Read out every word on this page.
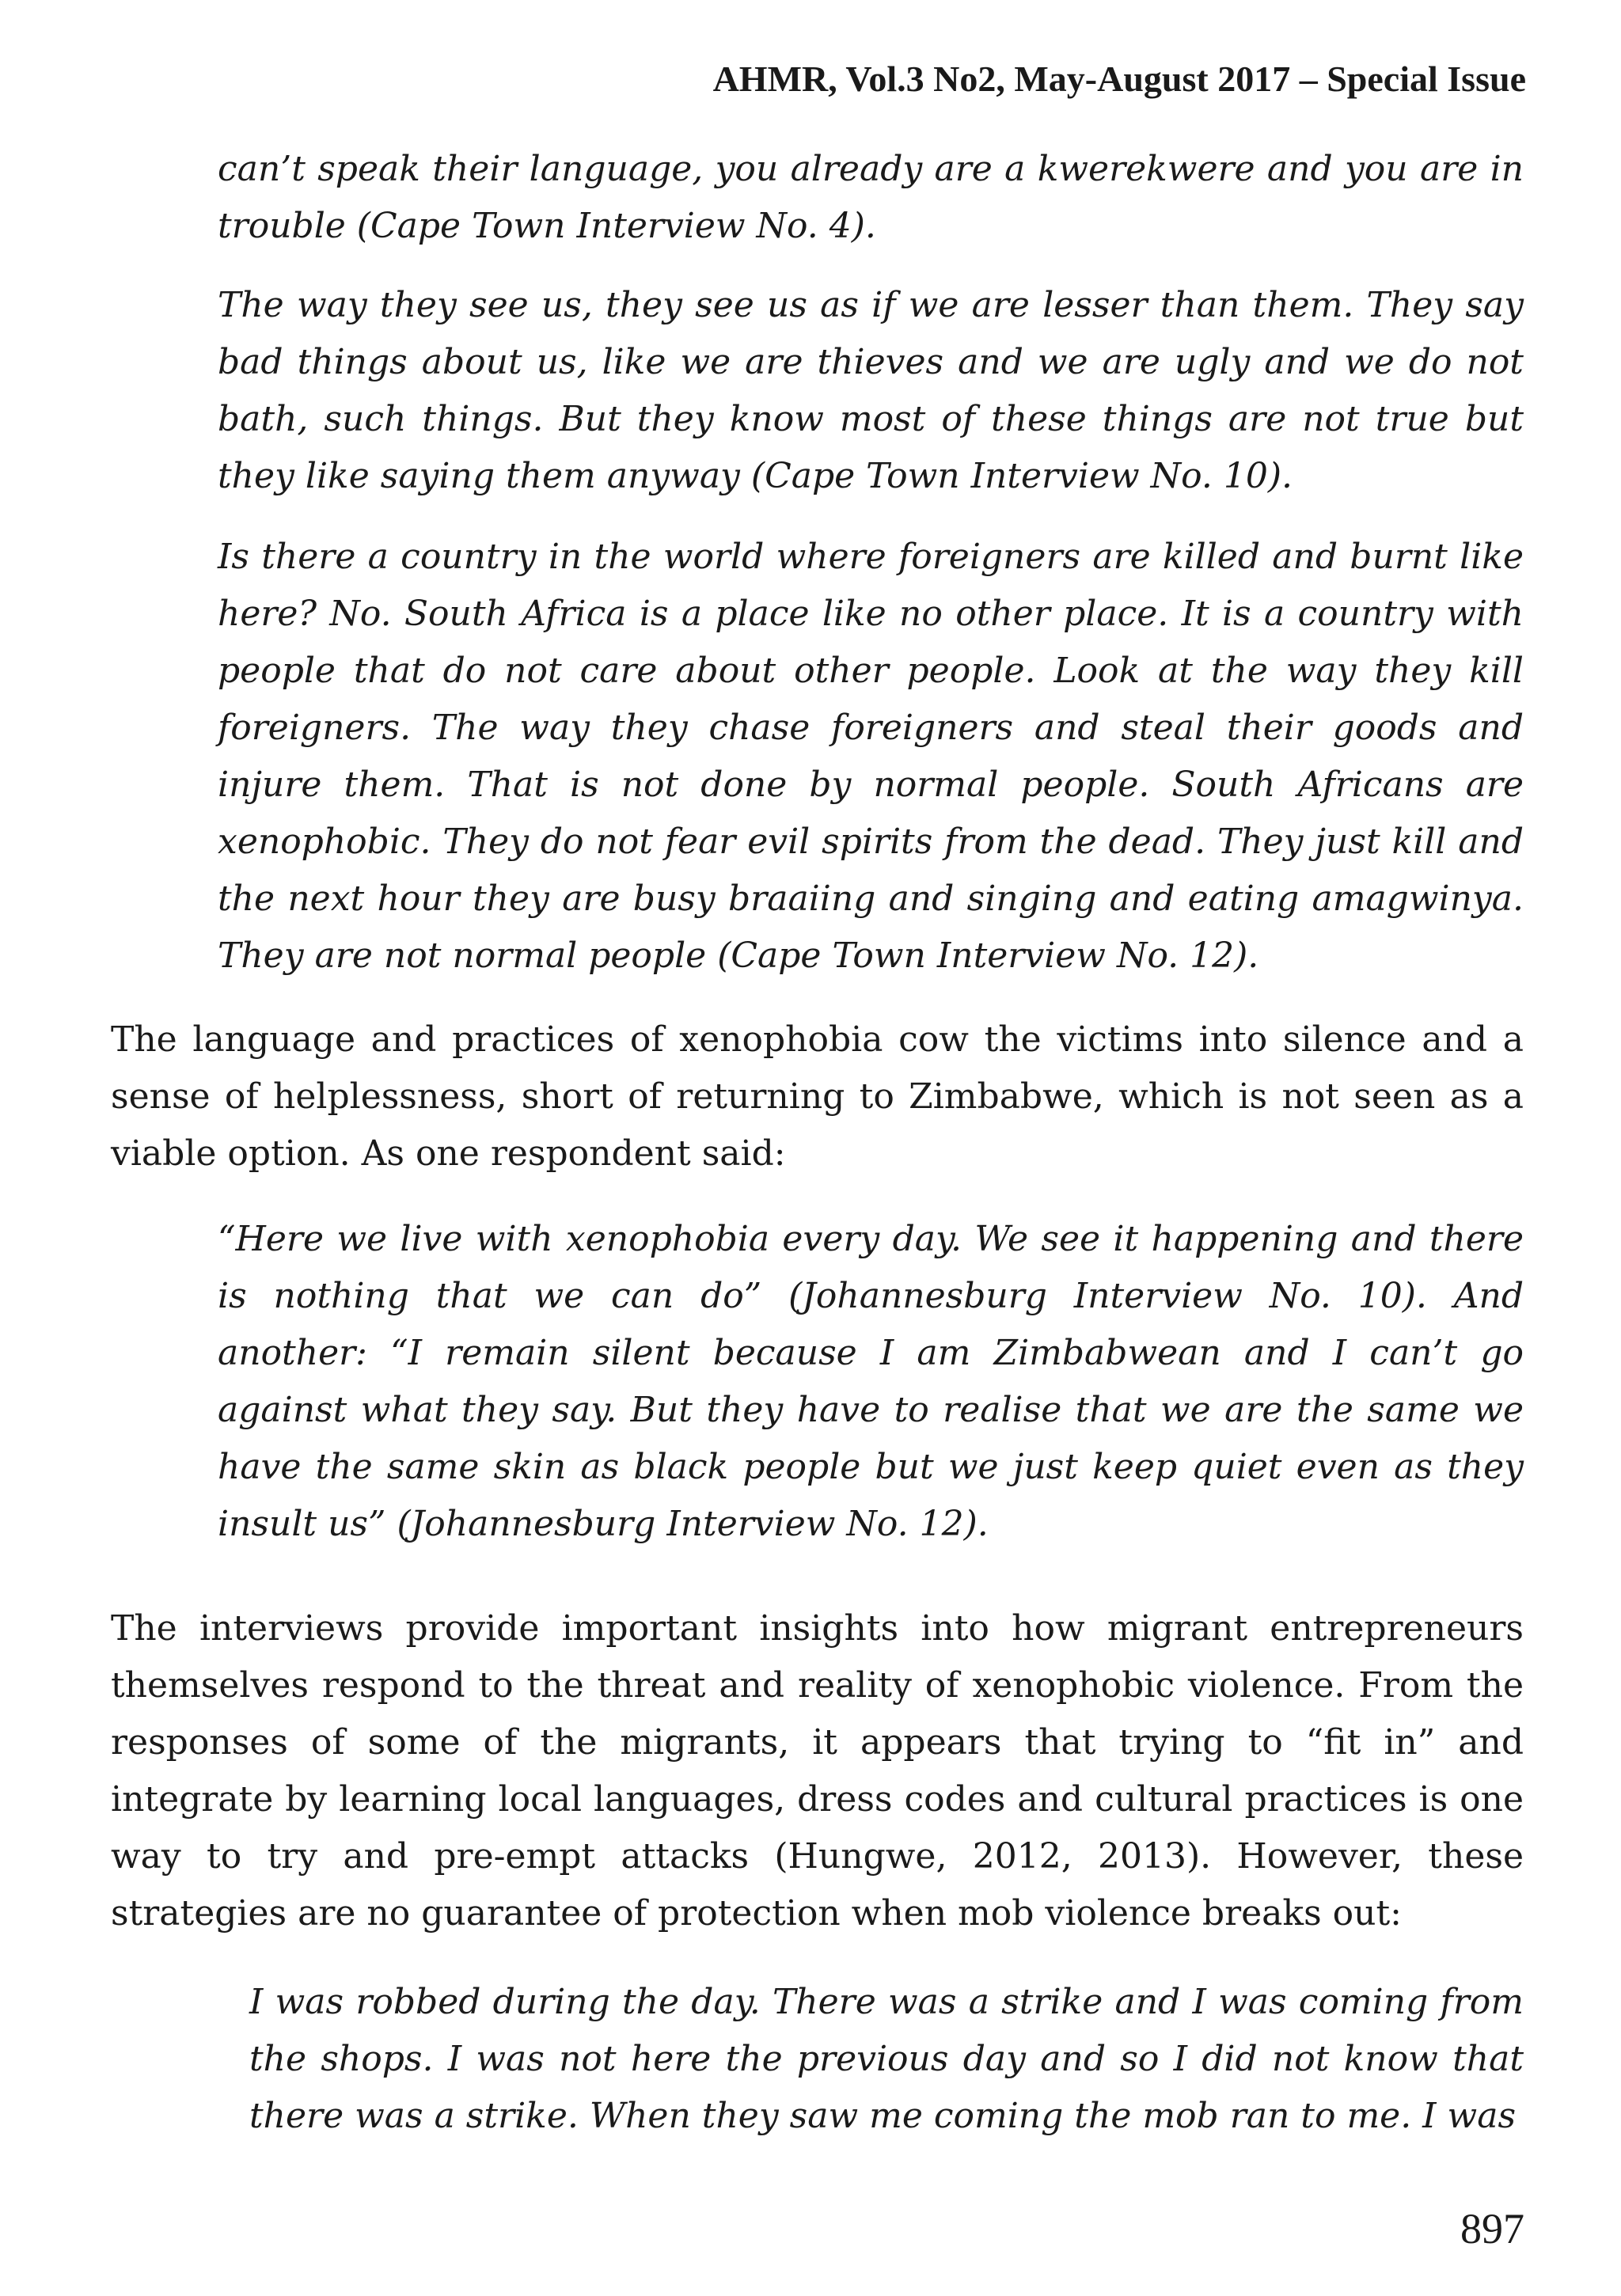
AHMR, Vol.3 No2, May-August 2017 – Special Issue

can’t speak their language, you already are a kwerekwere and you are in trouble (Cape Town Interview No. 4).

The way they see us, they see us as if we are lesser than them. They say bad things about us, like we are thieves and we are ugly and we do not bath, such things. But they know most of these things are not true but they like saying them anyway (Cape Town Interview No. 10).

Is there a country in the world where foreigners are killed and burnt like here? No. South Africa is a place like no other place. It is a country with people that do not care about other people. Look at the way they kill foreigners. The way they chase foreigners and steal their goods and injure them. That is not done by normal people. South Africans are xenophobic. They do not fear evil spirits from the dead. They just kill and the next hour they are busy braaiing and singing and eating amagwinya. They are not normal people (Cape Town Interview No. 12).

The language and practices of xenophobia cow the victims into silence and a sense of helplessness, short of returning to Zimbabwe, which is not seen as a viable option. As one respondent said:

“Here we live with xenophobia every day. We see it happening and there is nothing that we can do” (Johannesburg Interview No. 10). And another: “I remain silent because I am Zimbabwean and I can’t go against what they say. But they have to realise that we are the same we have the same skin as black people but we just keep quiet even as they insult us” (Johannesburg Interview No. 12).

The interviews provide important insights into how migrant entrepreneurs themselves respond to the threat and reality of xenophobic violence. From the responses of some of the migrants, it appears that trying to “fit in” and integrate by learning local languages, dress codes and cultural practices is one way to try and pre-empt attacks (Hungwe, 2012, 2013). However, these strategies are no guarantee of protection when mob violence breaks out:

I was robbed during the day. There was a strike and I was coming from the shops. I was not here the previous day and so I did not know that there was a strike. When they saw me coming the mob ran to me. I was

897
